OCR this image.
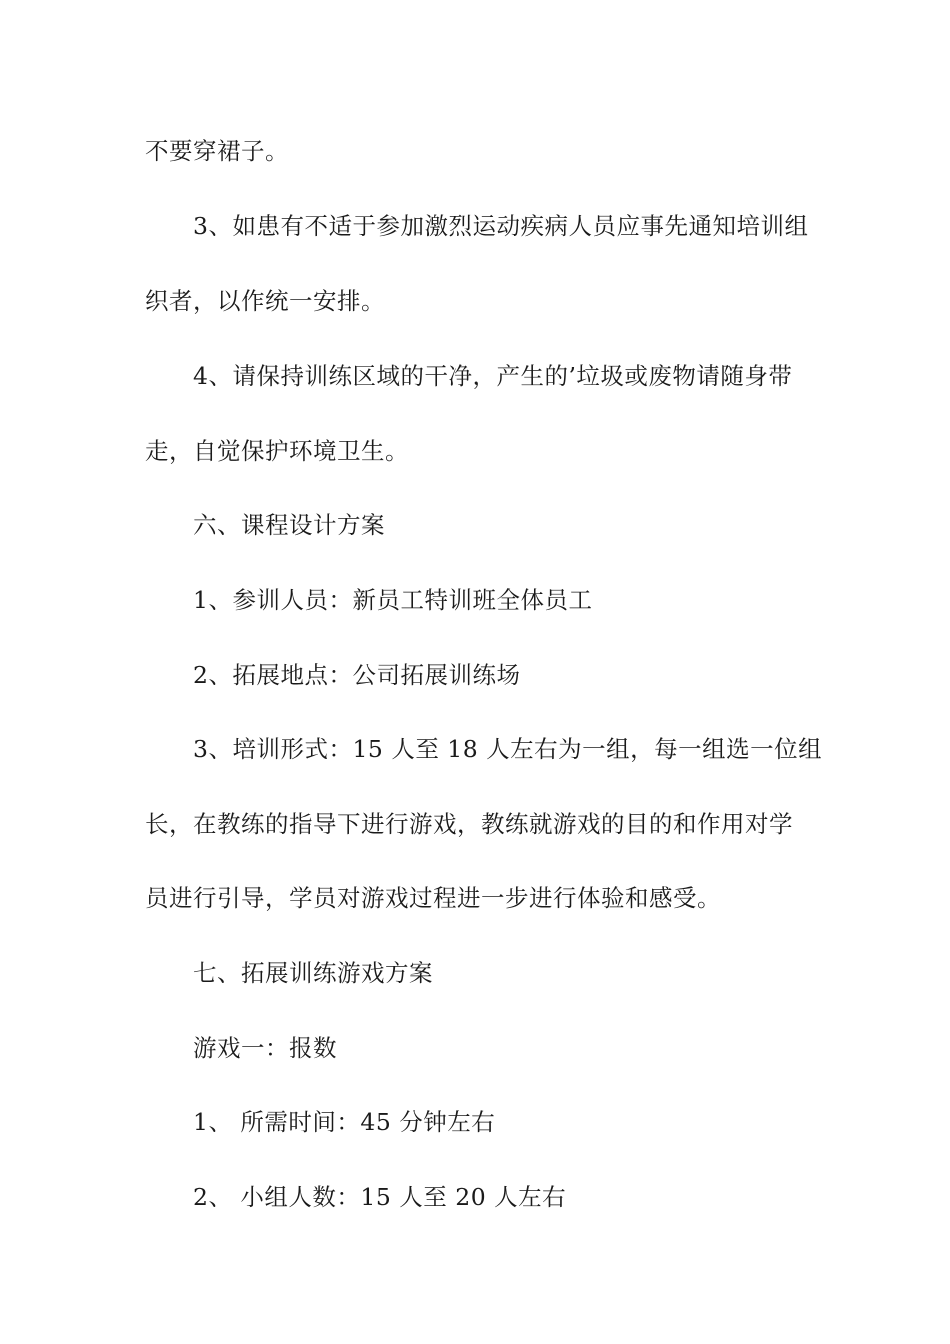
不要穿裙子。
3、如患有不适于参加激烈运动疾病人员应事先通知培训组
织者，以作统一安排。
4、请保持训练区域的干净，产生的’垃圾或废物请随身带
走，自觉保护环境卫生。
六、课程设计方案
1、参训人员：新员工特训班全体员工
2、拓展地点：公司拓展训练场
3、培训形式：15 人至 18 人左右为一组，每一组选一位组
长，在教练的指导下进行游戏，教练就游戏的目的和作用对学
员进行引导，学员对游戏过程进一步进行体验和感受。
七、拓展训练游戏方案
游戏一：报数
1、 所需时间：45 分钟左右
2、 小组人数：15 人至 20 人左右
